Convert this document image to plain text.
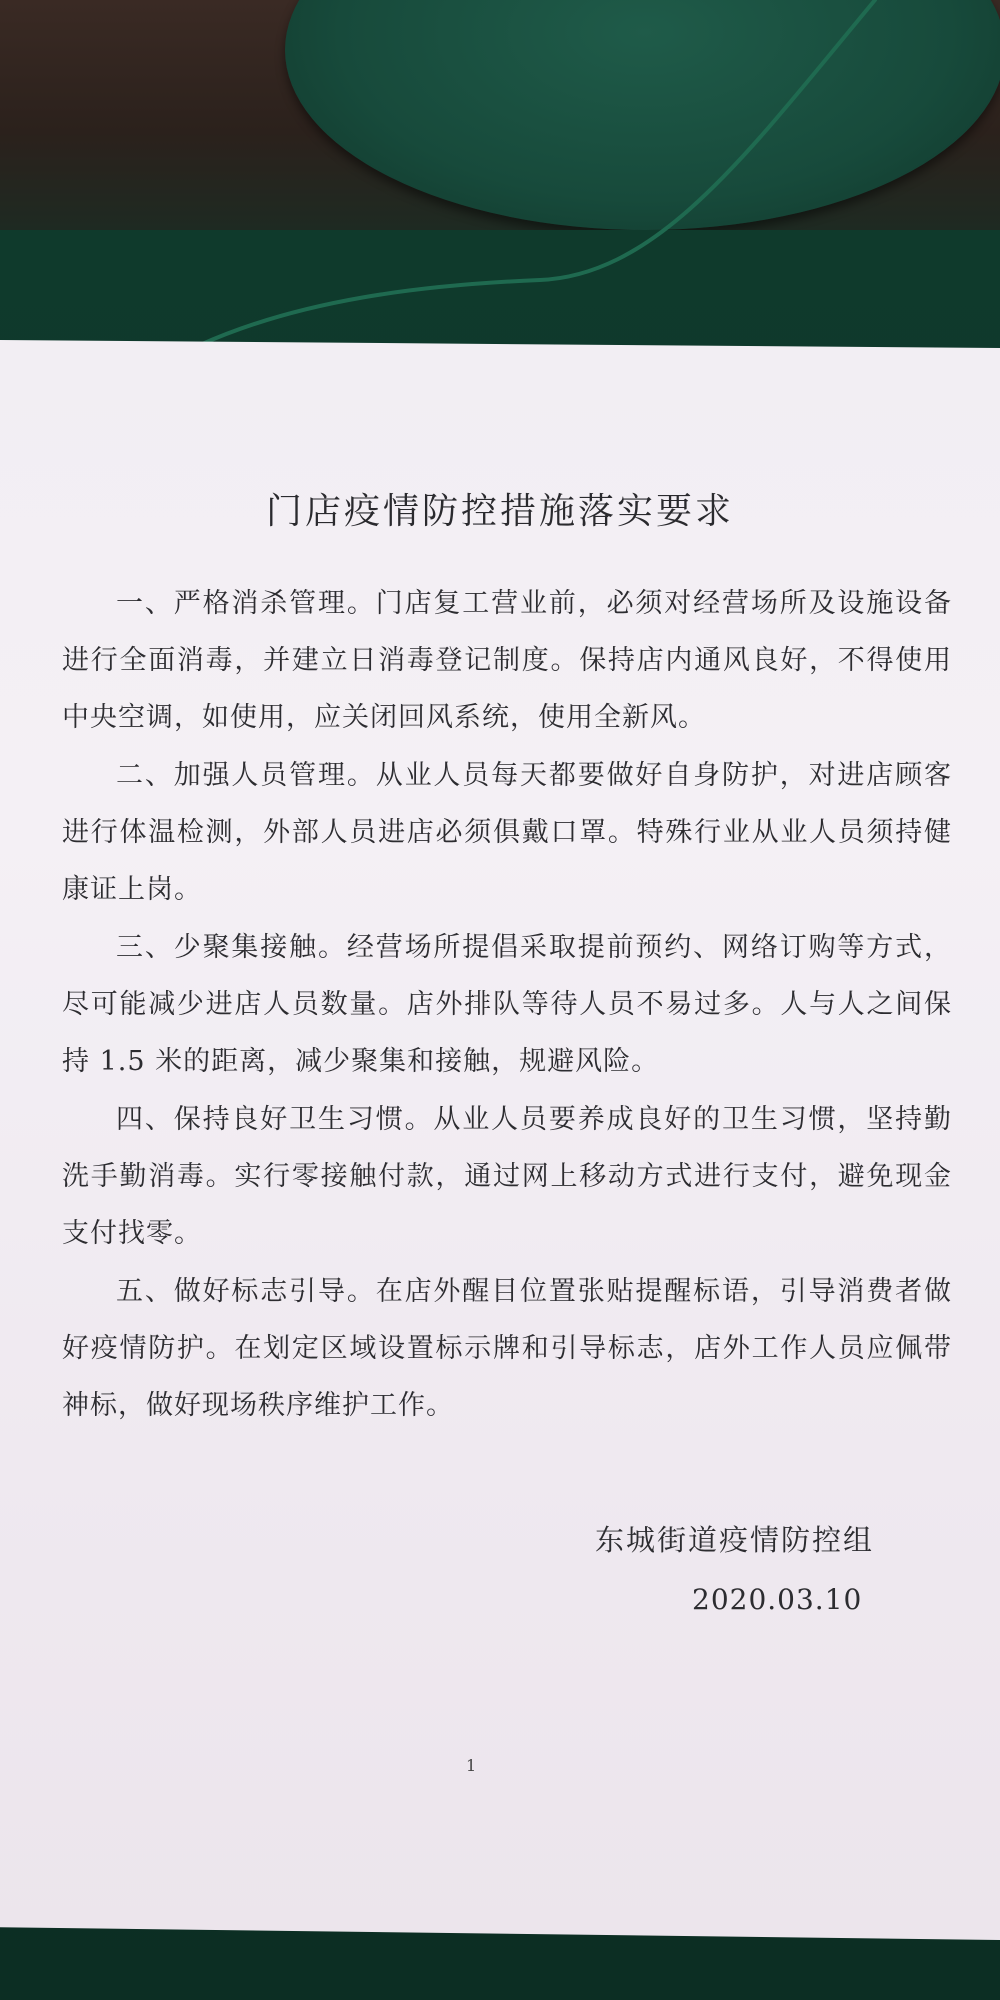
门店疫情防控措施落实要求

一、严格消杀管理。门店复工营业前，必须对经营场所及设施设备进行全面消毒，并建立日消毒登记制度。保持店内通风良好，不得使用中央空调，如使用，应关闭回风系统，使用全新风。

二、加强人员管理。从业人员每天都要做好自身防护，对进店顾客进行体温检测，外部人员进店必须俱戴口罩。特殊行业从业人员须持健康证上岗。

三、少聚集接触。经营场所提倡采取提前预约、网络订购等方式，尽可能减少进店人员数量。店外排队等待人员不易过多。人与人之间保持 1.5 米的距离，减少聚集和接触，规避风险。

四、保持良好卫生习惯。从业人员要养成良好的卫生习惯，坚持勤洗手勤消毒。实行零接触付款，通过网上移动方式进行支付，避免现金支付找零。

五、做好标志引导。在店外醒目位置张贴提醒标语，引导消费者做好疫情防护。在划定区域设置标示牌和引导标志，店外工作人员应佩带神标，做好现场秩序维护工作。

东城街道疫情防控组
2020.03.10
1
